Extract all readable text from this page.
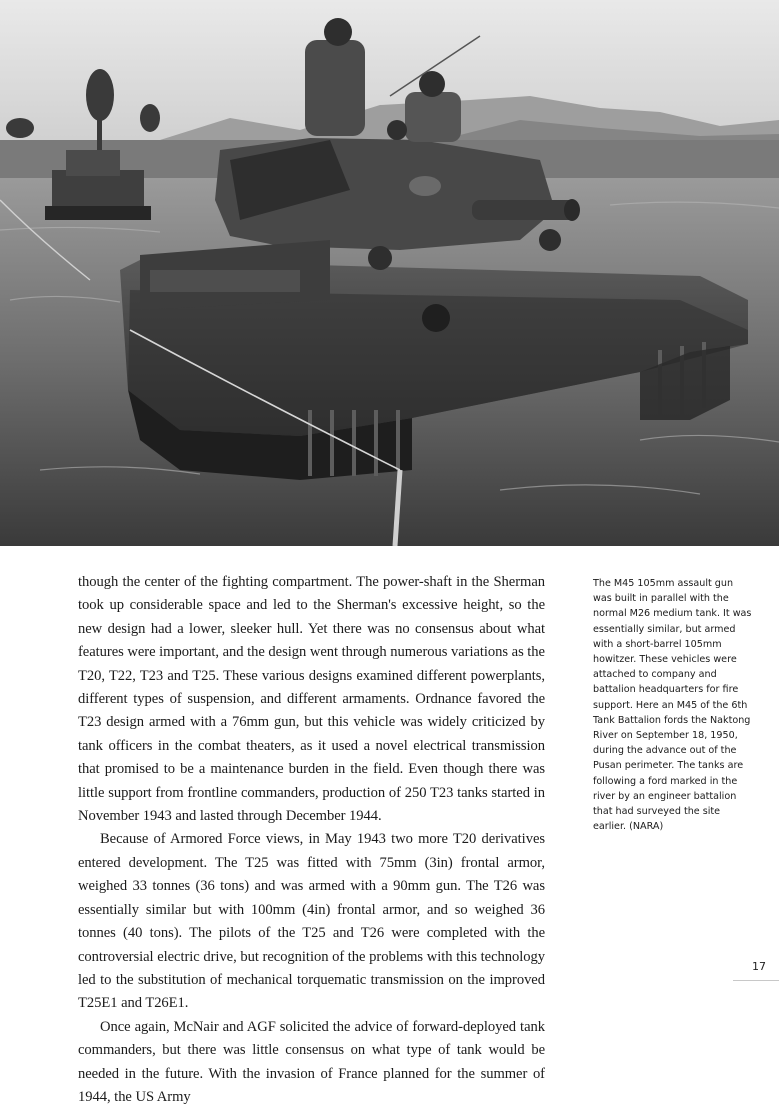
though the center of the fighting compartment. The power-shaft in the Sherman took up considerable space and led to the Sherman's excessive height, so the new design had a lower, sleeker hull. Yet there was no consensus about what features were important, and the design went through numerous variations as the T20, T22, T23 and T25. These various designs examined different powerplants, different types of suspension, and different armaments. Ordnance favored the T23 design armed with a 76mm gun, but this vehicle was widely criticized by tank officers in the combat theaters, as it used a novel electrical transmission that promised to be a maintenance burden in the field. Even though there was little support from frontline commanders, production of 250 T23 tanks started in November 1943 and lasted through December 1944.

Because of Armored Force views, in May 1943 two more T20 derivatives entered development. The T25 was fitted with 75mm (3in) frontal armor, weighed 33 tonnes (36 tons) and was armed with a 90mm gun. The T26 was essentially similar but with 100mm (4in) frontal armor, and so weighed 36 tonnes (40 tons). The pilots of the T25 and T26 were completed with the controversial electric drive, but recognition of the problems with this technology led to the substitution of mechanical torquematic transmission on the improved T25E1 and T26E1.

Once again, McNair and AGF solicited the advice of forward-deployed tank commanders, but there was little consensus on what type of tank would be needed in the future. With the invasion of France planned for the summer of 1944, the US Army

The M45 105mm assault gun was built in parallel with the normal M26 medium tank. It was essentially similar, but armed with a short-barrel 105mm howitzer. These vehicles were attached to company and battalion headquarters for fire support. Here an M45 of the 6th Tank Battalion fords the Naktong River on September 18, 1950, during the advance out of the Pusan perimeter. The tanks are following a ford marked in the river by an engineer battalion that had surveyed the site earlier. (NARA)
17
